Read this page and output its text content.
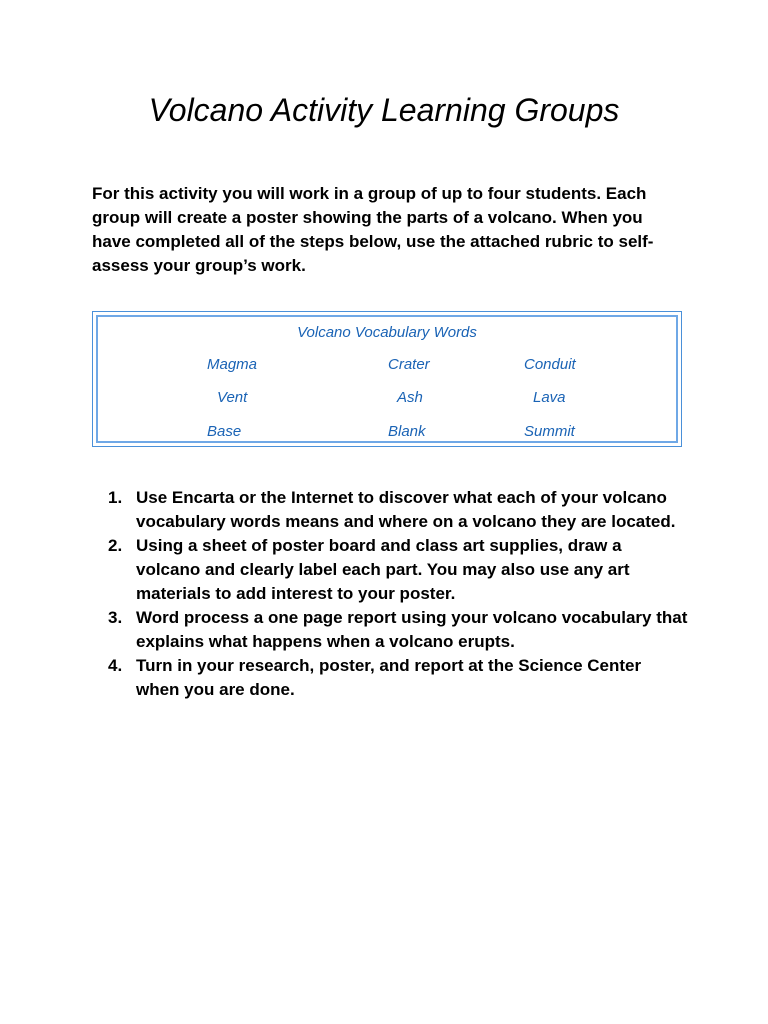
Volcano Activity Learning Groups

For this activity you will work in a group of up to four students. Each group will create a poster showing the parts of a volcano. When you have completed all of the steps below, use the attached rubric to self-assess your group’s work.

Volcano Vocabulary Words
Magma	Crater	Conduit
Vent	Ash	Lava
Base	Blank	Summit
1. Use Encarta or the Internet to discover what each of your volcano vocabulary words means and where on a volcano they are located.
2. Using a sheet of poster board and class art supplies, draw a volcano and clearly label each part. You may also use any art materials to add interest to your poster.
3. Word process a one page report using your volcano vocabulary that explains what happens when a volcano erupts.
4. Turn in your research, poster, and report at the Science Center when you are done.
